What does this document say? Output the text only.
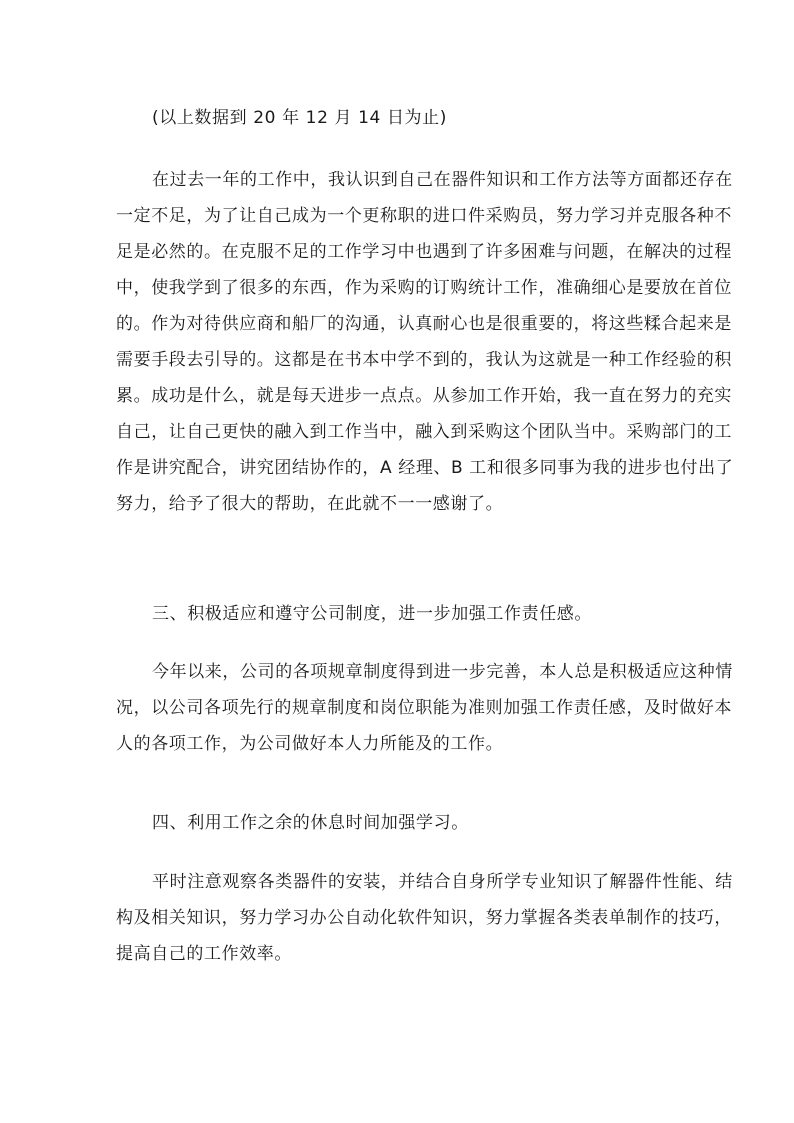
(以上数据到 20 年 12 月 14 日为止)

在过去一年的工作中，我认识到自己在器件知识和工作方法等方面都还存在
一定不足，为了让自己成为一个更称职的进口件采购员，努力学习并克服各种不
足是必然的。在克服不足的工作学习中也遇到了许多困难与问题，在解决的过程
中，使我学到了很多的东西，作为采购的订购统计工作，准确细心是要放在首位
的。作为对待供应商和船厂的沟通，认真耐心也是很重要的，将这些糅合起来是
需要手段去引导的。这都是在书本中学不到的，我认为这就是一种工作经验的积
累。成功是什么，就是每天进步一点点。从参加工作开始，我一直在努力的充实
自己，让自己更快的融入到工作当中，融入到采购这个团队当中。采购部门的工
作是讲究配合，讲究团结协作的，A 经理、B 工和很多同事为我的进步也付出了
努力，给予了很大的帮助，在此就不一一感谢了。

三、积极适应和遵守公司制度，进一步加强工作责任感。

今年以来，公司的各项规章制度得到进一步完善，本人总是积极适应这种情
况，以公司各项先行的规章制度和岗位职能为准则加强工作责任感，及时做好本
人的各项工作，为公司做好本人力所能及的工作。

四、利用工作之余的休息时间加强学习。

平时注意观察各类器件的安装，并结合自身所学专业知识了解器件性能、结
构及相关知识，努力学习办公自动化软件知识，努力掌握各类表单制作的技巧，
提高自己的工作效率。
